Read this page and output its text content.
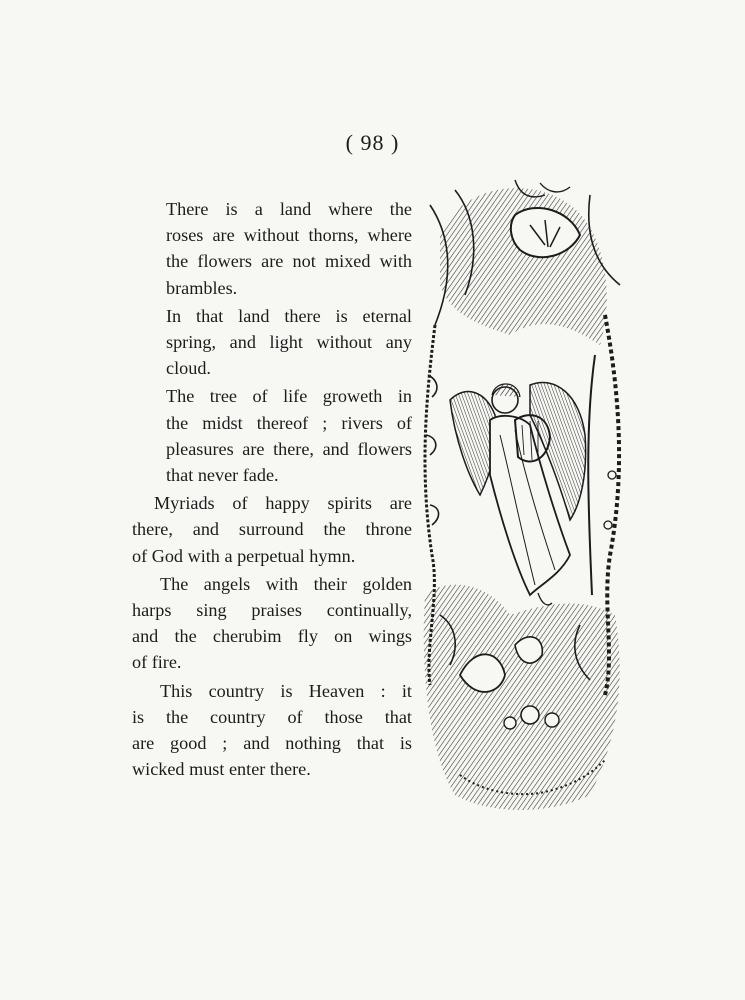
( 98 )
There is a land where the
roses are without thorns, where
the flowers are not mixed with
brambles.
In that land there is eternal
spring, and light without any
cloud.
The tree of life groweth in
the midst thereof ; rivers of
pleasures are there, and flowers
that never fade.
Myriads of happy spirits are
there, and surround the throne
of God with a perpetual hymn.
The angels with their golden
harps sing praises continually,
and the cherubim fly on wings
of fire.
This country is Heaven : it
is the country of those that
are good ; and nothing that is
wicked must enter there.
